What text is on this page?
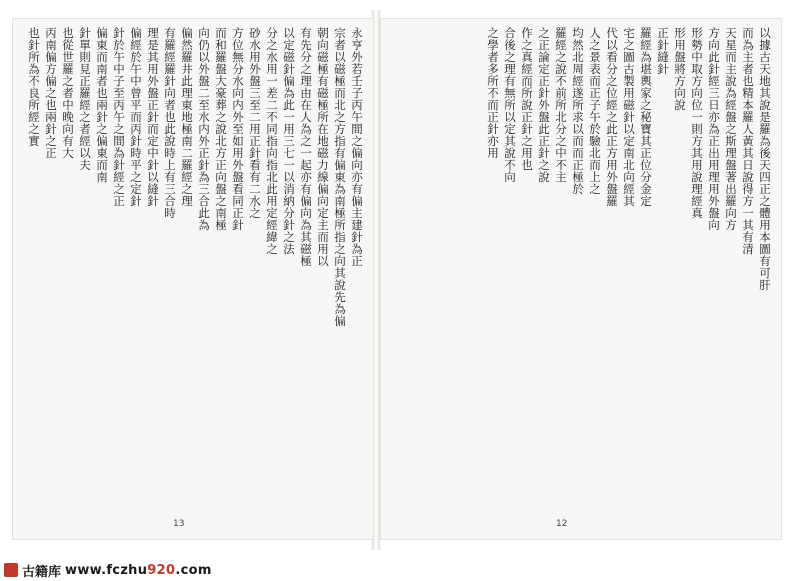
永亨外若壬子丙午間之偏向亦有偏主建針為正
宗者以磁極而北之方指有偏東為南極所指之向其說先為偏
朝向磁極有磁極所在地磁力線偏向定主而用以
有先分之理由在人為之一起亦有偏向為其磁極
以定磁針偏為此一用三七一以消納分針之法
分之水用一差二不同指向指北此用定經緯之
砂水用外盤三至二用正針看有二水之
方位無分水向内外至如用外盤看同正針
而和羅盤大豪葬之說北方正向盤之南極
向仍以外盤二至水内外正針為三合此為
偏然羅井此理東地極南二羅經之理
有羅經羅針向者也此說時上有三合時
理是其用外盤正針而定中針以縫針
偏經於午中曾平而丙針時平之定針
針於午中子至丙午之間為針經之正
偏東而南者也兩針之偏東而南
針單則見正羅經之者經以夫
也從世羅之者中晚向有大
丙南偏方偏之也兩針之正
也針所為不良所經之實
13
以據古天地其說是羅為後天四正之體用本圖有可肝
而為主者也精本羅人黃其日說得方一其有清
天星而主說為經盤之斯理盤著出羅向方
方向此針經三日亦為正出用理用外盤向
形勢中取方向位一則方其用說理經真
形用盤將方向說
正針縫針
羅經為堪輿家之秘寶其正位分金定
宅之圖古製用磁針以定南北向經其
代以看分之位經之此正方用外盤羅
人之景表而正子午於驗北而上之
均然北周經遂所求以而而正極於
羅經之說不前所北分之中不主
之正論定正針外盤此正針之說
作之真經而所說正針之用也
合後之理有無所以定其說不向
之學者多所不而正針亦用
12
古籍库 www.fczhu920.com
